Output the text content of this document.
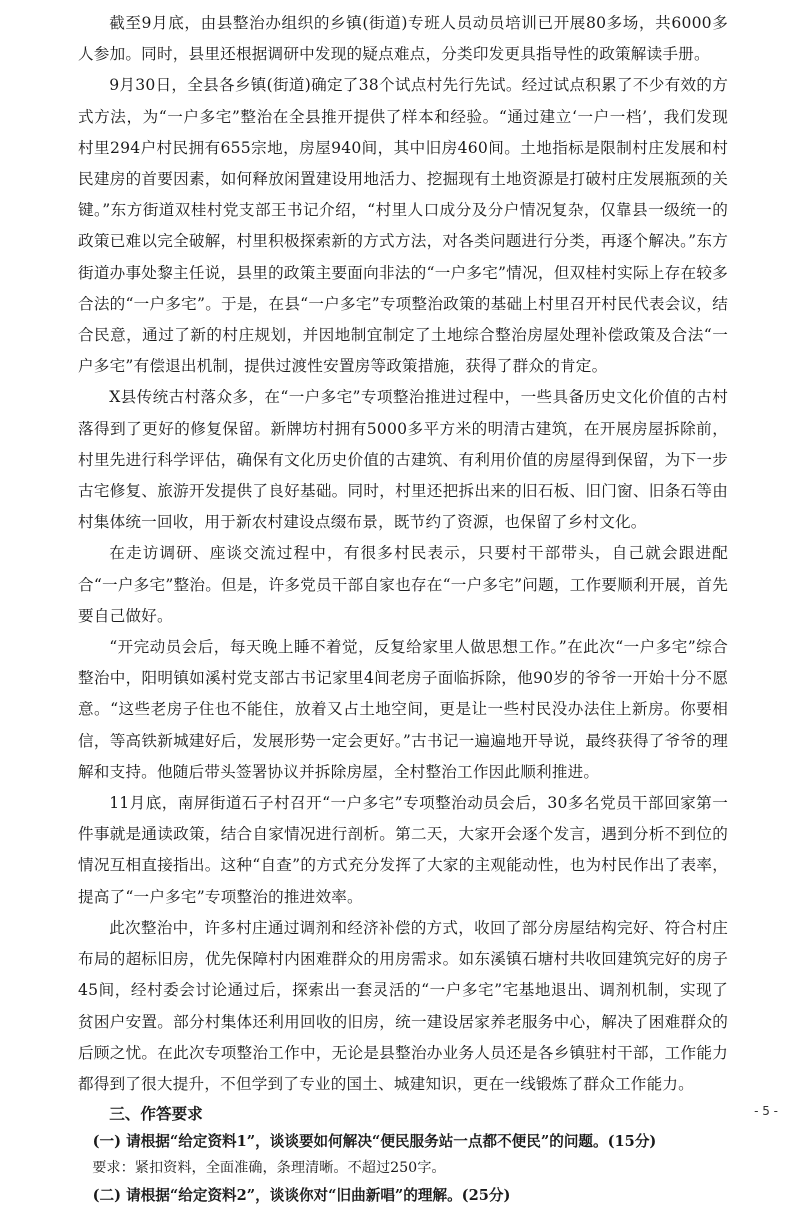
截至9月底，由县整治办组织的乡镇(街道)专班人员动员培训已开展80多场，共6000多人参加。同时，县里还根据调研中发现的疑点难点，分类印发更具指导性的政策解读手册。

9月30日，全县各乡镇(街道)确定了38个试点村先行先试。经过试点积累了不少有效的方式方法，为“一户多宅”整治在全县推开提供了样本和经验。“通过建立‘一户一档’，我们发现村里294户村民拥有655宗地，房屋940间，其中旧房460间。土地指标是限制村庄发展和村民建房的首要因素，如何释放闲置建设用地活力、挖掘现有土地资源是打破村庄发展瓶颈的关键。”东方街道双桂村党支部王书记介绍，“村里人口成分及分户情况复杂，仅靠县一级统一的政策已难以完全破解，村里积极探索新的方式方法，对各类问题进行分类，再逐个解决。”东方街道办事处黎主任说，县里的政策主要面向非法的“一户多宅”情况，但双桂村实际上存在较多合法的“一户多宅”。于是，在县“一户多宅”专项整治政策的基础上村里召开村民代表会议，结合民意，通过了新的村庄规划，并因地制宜制定了土地综合整治房屋处理补偿政策及合法“一户多宅”有偿退出机制，提供过渡性安置房等政策措施，获得了群众的肯定。

X县传统古村落众多，在“一户多宅”专项整治推进过程中，一些具备历史文化价值的古村落得到了更好的修复保留。新牌坊村拥有5000多平方米的明清古建筑，在开展房屋拆除前，村里先进行科学评估，确保有文化历史价值的古建筑、有利用价值的房屋得到保留，为下一步古宅修复、旅游开发提供了良好基础。同时，村里还把拆出来的旧石板、旧门窗、旧条石等由村集体统一回收，用于新农村建设点缀布景，既节约了资源，也保留了乡村文化。

在走访调研、座谈交流过程中，有很多村民表示，只要村干部带头，自己就会跟进配合“一户多宅”整治。但是，许多党员干部自家也存在“一户多宅”问题，工作要顺利开展，首先要自己做好。

“开完动员会后，每天晚上睡不着觉，反复给家里人做思想工作。”在此次“一户多宅”综合整治中，阳明镇如溪村党支部古书记家里4间老房子面临拆除，他90岁的爷爷一开始十分不愿意。“这些老房子住也不能住，放着又占土地空间，更是让一些村民没办法住上新房。你要相信，等高铁新城建好后，发展形势一定会更好。”古书记一遍遍地开导说，最终获得了爷爷的理解和支持。他随后带头签署协议并拆除房屋，全村整治工作因此顺利推进。

11月底，南屏街道石子村召开“一户多宅”专项整治动员会后，30多名党员干部回家第一件事就是通读政策，结合自家情况进行剖析。第二天，大家开会逐个发言，遇到分析不到位的情况互相直接指出。这种“自查”的方式充分发挥了大家的主观能动性，也为村民作出了表率，提高了“一户多宅”专项整治的推进效率。

此次整治中，许多村庄通过调剂和经济补偿的方式，收回了部分房屋结构完好、符合村庄布局的超标旧房，优先保障村内困难群众的用房需求。如东溪镇石塘村共收回建筑完好的房子45间，经村委会讨论通过后，探索出一套灵活的“一户多宅”宅基地退出、调剂机制，实现了贫困户安置。部分村集体还利用回收的旧房，统一建设居家养老服务中心，解决了困难群众的后顾之忧。在此次专项整治工作中，无论是县整治办业务人员还是各乡镇驻村干部，工作能力都得到了很大提升，不但学到了专业的国土、城建知识，更在一线锻炼了群众工作能力。

三、作答要求

(一) 请根据“给定资料1”，谈谈要如何解决“便民服务站一点都不便民”的问题。(15分)

要求：紧扣资料，全面准确，条理清晰。不超过250字。

(二) 请根据“给定资料2”，谈谈你对“旧曲新唱”的理解。(25分)

- 5 -
